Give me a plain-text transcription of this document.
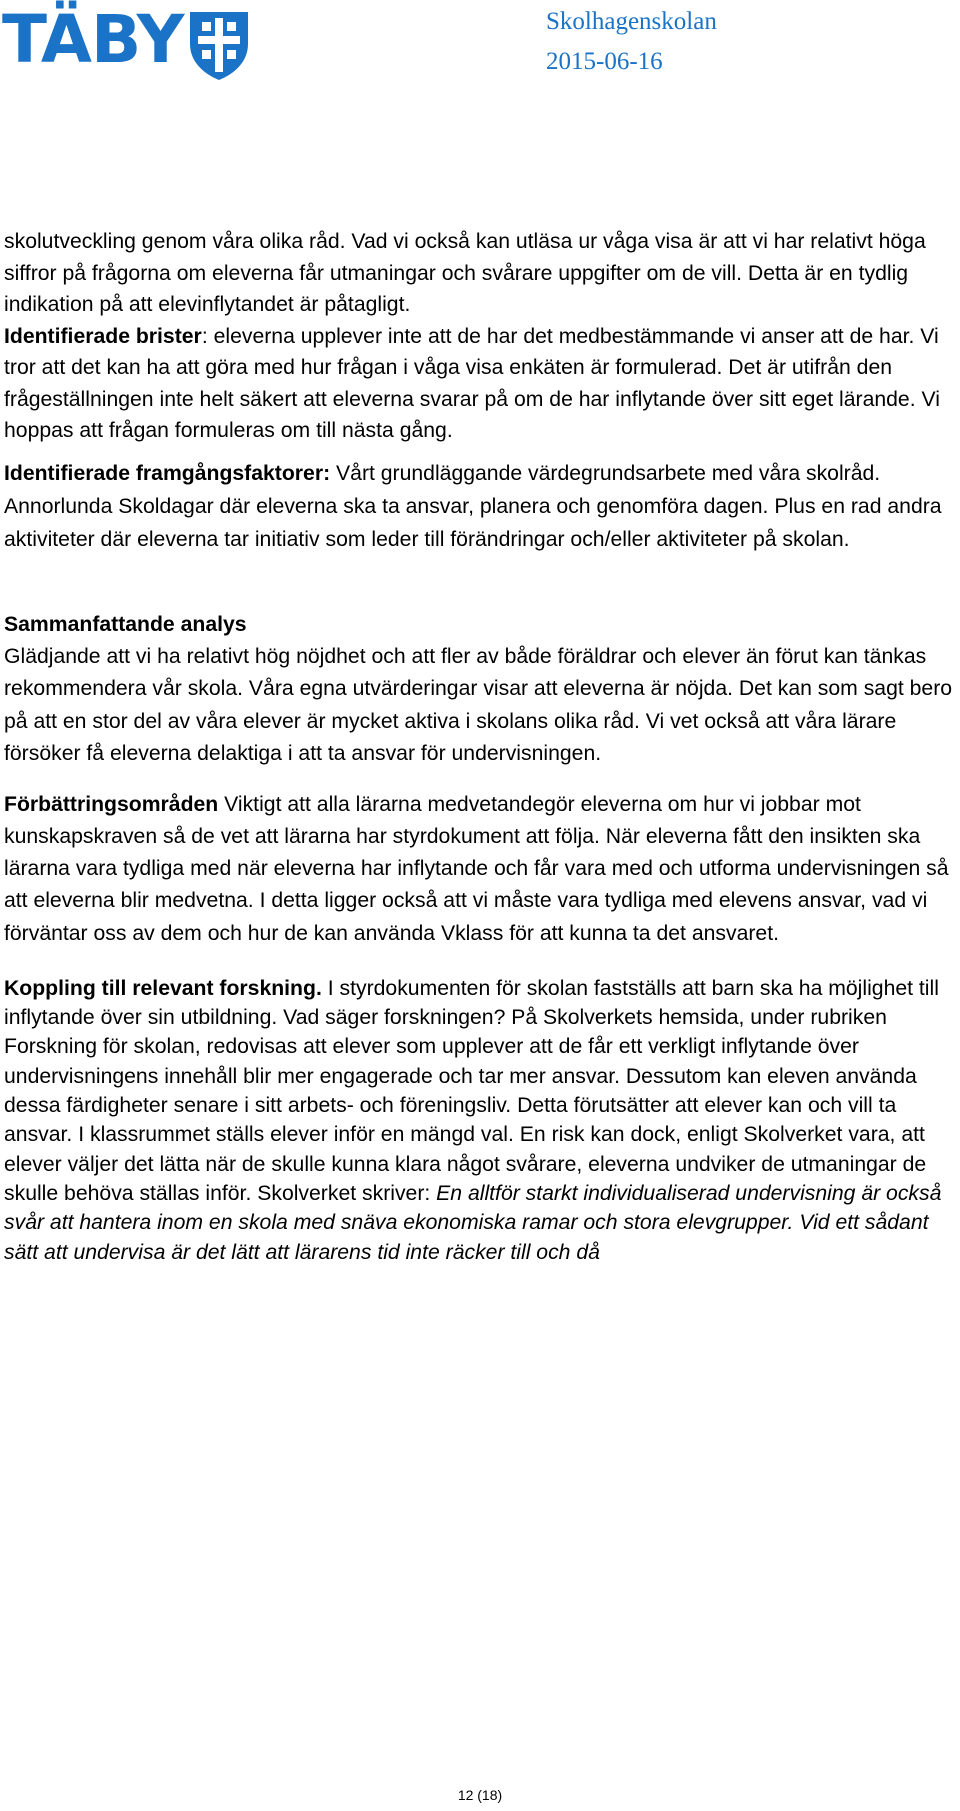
TÄBY	Skolhagenskolan
2015-06-16

skolutveckling genom våra olika råd. Vad vi också kan utläsa ur våga visa är att vi har relativt höga siffror på frågorna om eleverna får utmaningar och svårare uppgifter om de vill. Detta är en tydlig indikation på att elevinflytandet är påtagligt.

Identifierade brister: eleverna upplever inte att de har det medbestämmande vi anser att de har. Vi tror att det kan ha att göra med hur frågan i våga visa enkäten är formulerad. Det är utifrån den frågeställningen inte helt säkert att eleverna svarar på om de har inflytande över sitt eget lärande. Vi hoppas att frågan formuleras om till nästa gång.

Identifierade framgångsfaktorer: Vårt grundläggande värdegrundsarbete med våra skolråd. Annorlunda Skoldagar där eleverna ska ta ansvar, planera och genomföra dagen. Plus en rad andra aktiviteter där eleverna tar initiativ som leder till förändringar och/eller aktiviteter på skolan.

Sammanfattande analys

Glädjande att vi ha relativt hög nöjdhet och att fler av både föräldrar och elever än förut kan tänkas rekommendera vår skola. Våra egna utvärderingar visar att eleverna är nöjda. Det kan som sagt bero på att en stor del av våra elever är mycket aktiva i skolans olika råd. Vi vet också att våra lärare försöker få eleverna delaktiga i att ta ansvar för undervisningen.

Förbättringsområden Viktigt att alla lärarna medvetandegör eleverna om hur vi jobbar mot kunskapskraven så de vet att lärarna har styrdokument att följa. När eleverna fått den insikten ska lärarna vara tydliga med när eleverna har inflytande och får vara med och utforma undervisningen så att eleverna blir medvetna. I detta ligger också att vi måste vara tydliga med elevens ansvar, vad vi förväntar oss av dem och hur de kan använda Vklass för att kunna ta det ansvaret.

Koppling till relevant forskning. I styrdokumenten för skolan fastställs att barn ska ha möjlighet till inflytande över sin utbildning. Vad säger forskningen? På Skolverkets hemsida, under rubriken Forskning för skolan, redovisas att elever som upplever att de får ett verkligt inflytande över undervisningens innehåll blir mer engagerade och tar mer ansvar. Dessutom kan eleven använda dessa färdigheter senare i sitt arbets- och föreningsliv. Detta förutsätter att elever kan och vill ta ansvar. I klassrummet ställs elever inför en mängd val. En risk kan dock, enligt Skolverket vara, att elever väljer det lätta när de skulle kunna klara något svårare, eleverna undviker de utmaningar de skulle behöva ställas inför. Skolverket skriver: En alltför starkt individualiserad undervisning är också svår att hantera inom en skola med snäva ekonomiska ramar och stora elevgrupper. Vid ett sådant sätt att undervisa är det lätt att lärarens tid inte räcker till och då

12 (18)
